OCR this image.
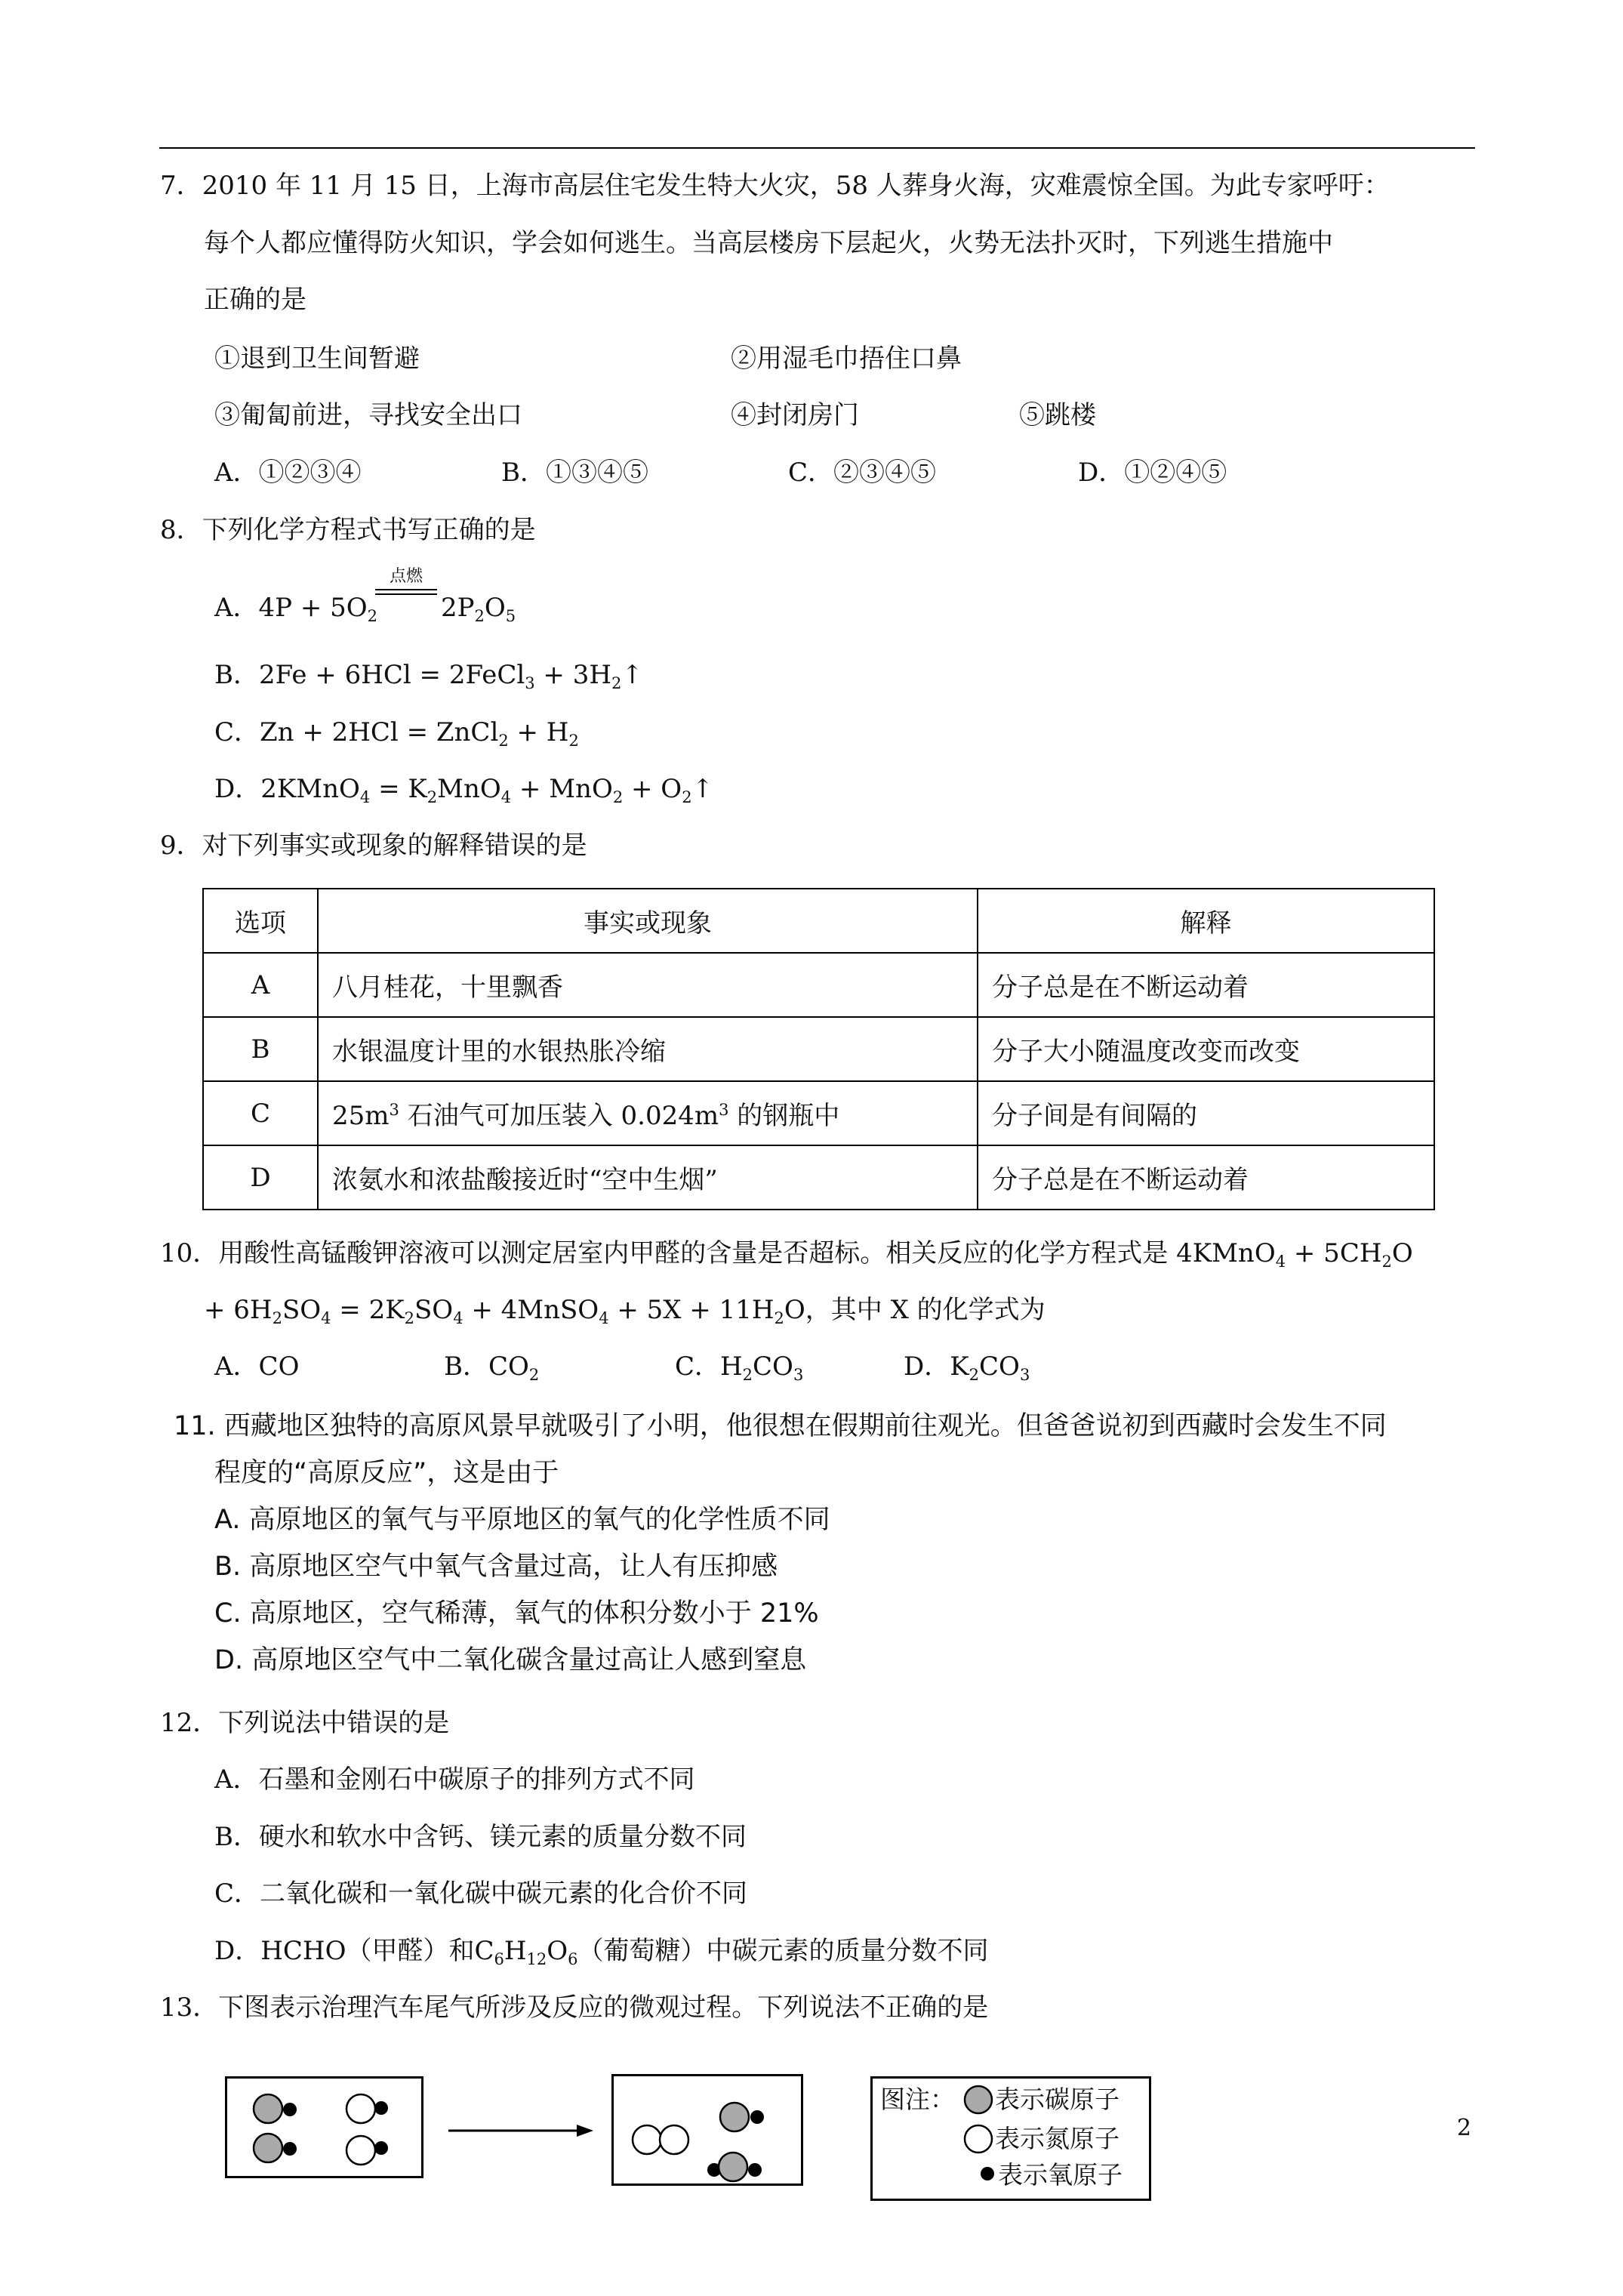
7．2010 年 11 月 15 日，上海市高层住宅发生特大火灾，58 人葬身火海，灾难震惊全国。为此专家呼吁：
每个人都应懂得防火知识，学会如何逃生。当高层楼房下层起火，火势无法扑灭时，下列逃生措施中
正确的是
①退到卫生间暂避	②用湿毛巾捂住口鼻
③匍匐前进，寻找安全出口	④封闭房门	⑤跳楼
A．①②③④	B．①③④⑤	C．②③④⑤	D．①②④⑤
8．下列化学方程式书写正确的是
A．$4P + 5O_2$
点燃
$2P_2O_5$
B．2Fe + 6HCl = 2FeCl$_3$ + $3H_2↑$
C．Zn + 2HCl = ZnCl$_2$ + $H_2$
D．2KMnO$_4$ = $K_2MnO_4 + MnO_2$ + $O_2↑$
9．对下列事实或现象的解释错误的是
选项	事实或现象	解释
A	八月桂花，十里飘香	分子总是在不断运动着
B	水银温度计里的水银热胀冷缩	分子大小随温度改变而改变
C	$25m^3$ 石油气可加压装入 $0.024m^3$ 的钢瓶中	分子间是有间隔的
D	浓氨水和浓盐酸接近时“空中生烟”	分子总是在不断运动着
10．用酸性高锰酸钾溶液可以测定居室内甲醛的含量是否超标。相关反应的化学方程式是 4KMnO$_4$ + $5CH_2O$
+ $6H_2SO_4 = 2K_2SO_4$ + 4MnSO$_4$ + $5X + 11H_2O$，其中 X 的化学式为
A．CO	B．$CO_2$	C．$H_2CO_3$	D．$K_2CO_3$
11. 西藏地区独特的高原风景早就吸引了小明，他很想在假期前往观光。但爸爸说初到西藏时会发生不同
程度的“高原反应”，这是由于
A. 高原地区的氧气与平原地区的氧气的化学性质不同
B. 高原地区空气中氧气含量过高，让人有压抑感
C. 高原地区，空气稀薄，氧气的体积分数小于 21%
D. 高原地区空气中二氧化碳含量过高让人感到窒息
12．下列说法中错误的是
A．石墨和金刚石中碳原子的排列方式不同
B．硬水和软水中含钙、镁元素的质量分数不同
C．二氧化碳和一氧化碳中碳元素的化合价不同
D．HCHO（甲醛）和$C_6H_{12}O_6$（葡萄糖）中碳元素的质量分数不同
13．下图表示治理汽车尾气所涉及反应的微观过程。下列说法不正确的是
图注： 表示碳原子
表示氮原子
表示氧原子
2
